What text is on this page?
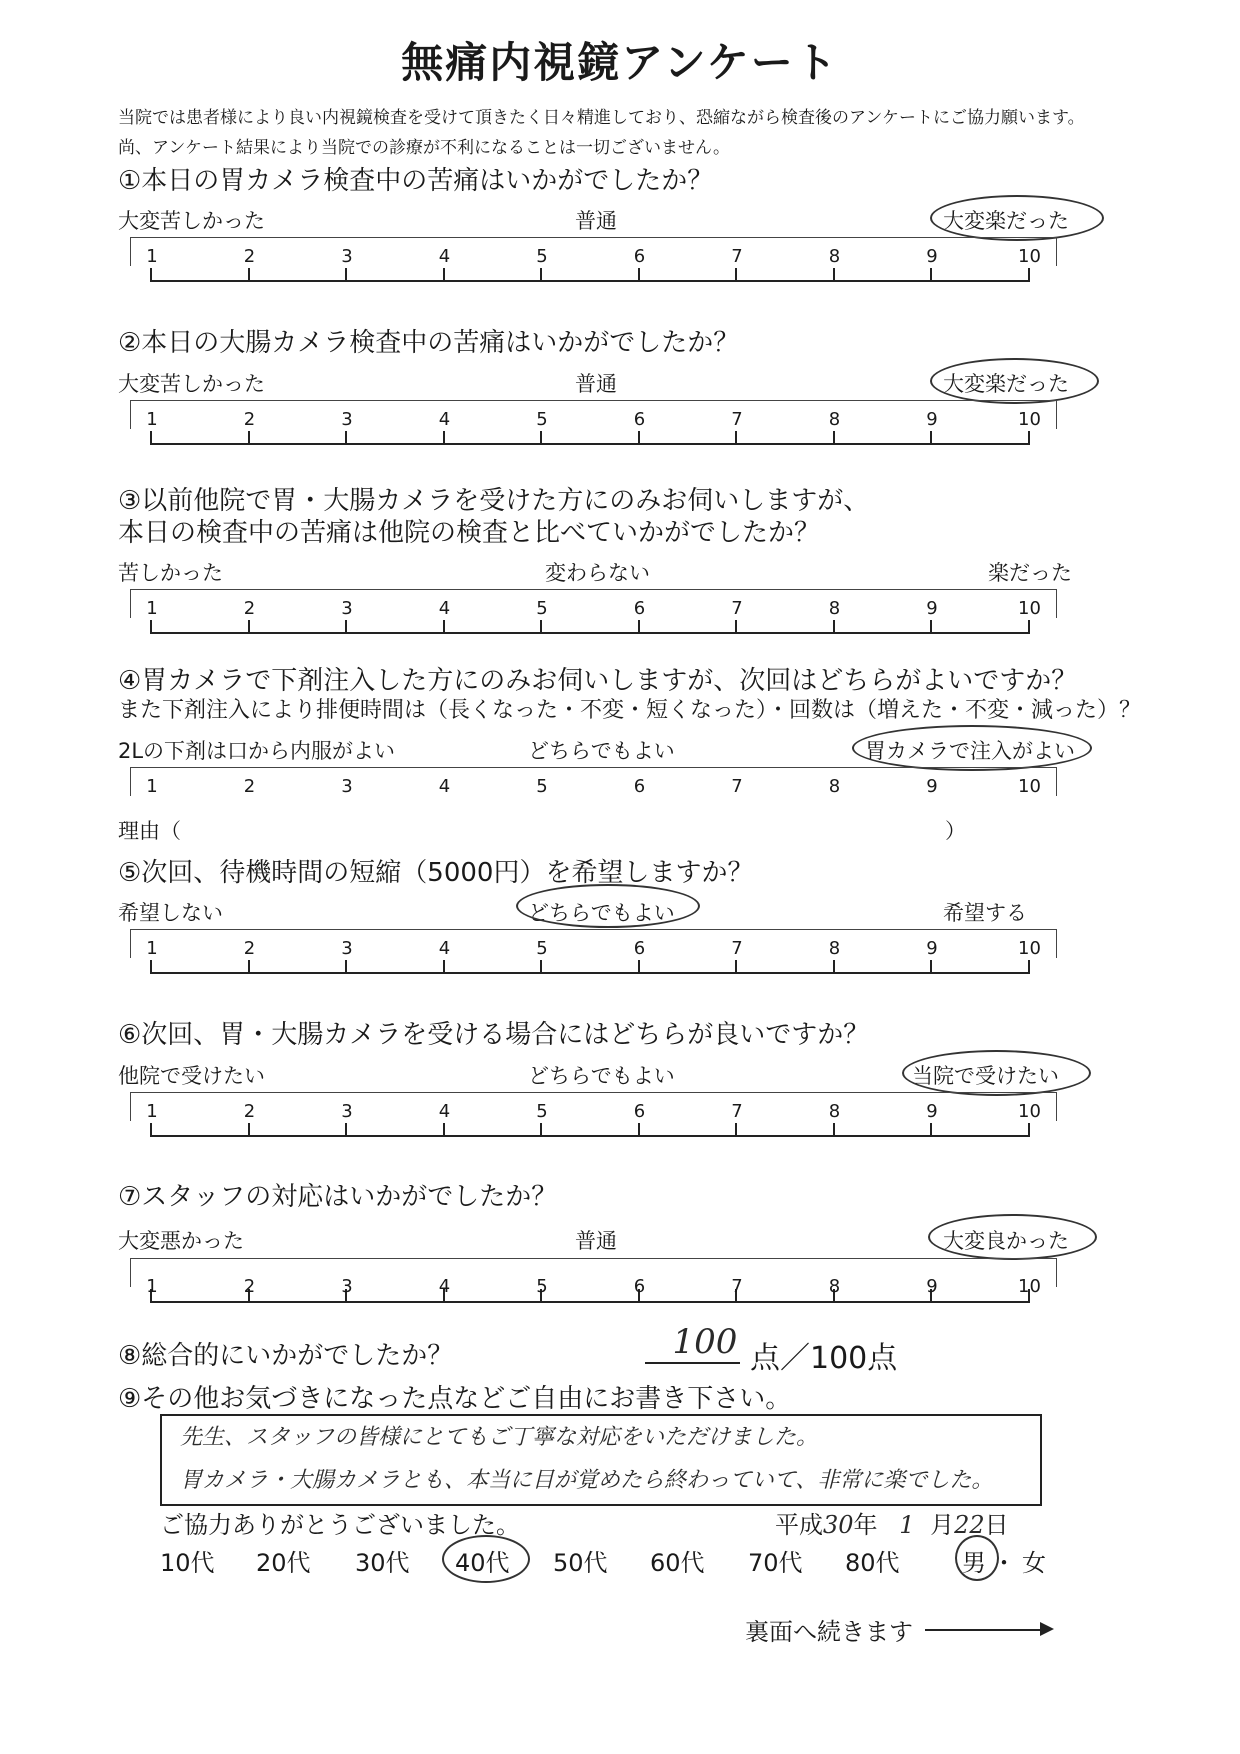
無痛内視鏡アンケート
当院では患者様により良い内視鏡検査を受けて頂きたく日々精進しており、恐縮ながら検査後のアンケートにご協力願います。
尚、アンケート結果により当院での診療が不利になることは一切ございません。
①本日の胃カメラ検査中の苦痛はいかがでしたか？
大変苦しかった	普通	大変楽だった
②本日の大腸カメラ検査中の苦痛はいかがでしたか？
大変苦しかった	普通	大変楽だった
③以前他院で胃・大腸カメラを受けた方にのみお伺いしますが、
本日の検査中の苦痛は他院の検査と比べていかがでしたか？
苦しかった	変わらない	楽だった
④胃カメラで下剤注入した方にのみお伺いしますが、次回はどちらがよいですか？
また下剤注入により排便時間は（長くなった・不変・短くなった）・回数は（増えた・不変・減った）？
2Lの下剤は口から内服がよい	どちらでもよい	胃カメラで注入がよい
理由（	）
⑤次回、待機時間の短縮（5000円）を希望しますか？
希望しない	どちらでもよい	希望する
⑥次回、胃・大腸カメラを受ける場合にはどちらが良いですか？
他院で受けたい	どちらでもよい	当院で受けたい
⑦スタッフの対応はいかがでしたか？
大変悪かった	普通	大変良かった
⑧総合的にいかがでしたか？	100 点／100点
⑨その他お気づきになった点などご自由にお書き下さい。
先生、スタッフの皆様にとてもご丁寧な対応をいただけました。
胃カメラ・大腸カメラとも、本当に目が覚めたら終わっていて、非常に楽でした。
ご協力ありがとうございました。	平成30年 1 月22日
10代 20代 30代 40代 50代 60代 70代 80代	男 ・ 女
裏面へ続きます
1	2	3	4	5	6	7	8	9	10
1	2	3	4	5	6	7	8	9	10
1	2	3	4	5	6	7	8	9	10
1	2	3	4	5	6	7	8	9	10
1	2	3	4	5	6	7	8	9	10
1	2	3	4	5	6	7	8	9	10
1	2	3	4	5	6	7	8	9	10
